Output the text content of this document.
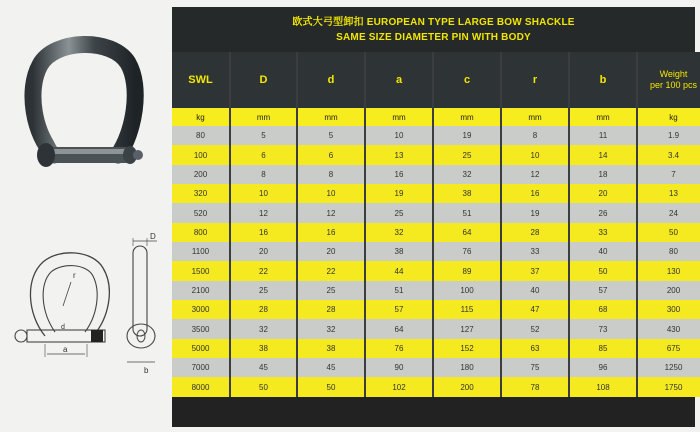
r
a
d
D
b
欧式大弓型卸扣 EUROPEAN TYPE LARGE BOW SHACKLE
SAME SIZE DIAMETER PIN WITH BODY
SWL	D	d	a	c	r	b	Weight
per 100 pcs
kg	mm	mm	mm	mm	mm	mm	kg
80	5	5	10	19	8	11	1.9
100	6	6	13	25	10	14	3.4
200	8	8	16	32	12	18	7
320	10	10	19	38	16	20	13
520	12	12	25	51	19	26	24
800	16	16	32	64	28	33	50
1100	20	20	38	76	33	40	80
1500	22	22	44	89	37	50	130
2100	25	25	51	100	40	57	200
3000	28	28	57	115	47	68	300
3500	32	32	64	127	52	73	430
5000	38	38	76	152	63	85	675
7000	45	45	90	180	75	96	1250
8000	50	50	102	200	78	108	1750
